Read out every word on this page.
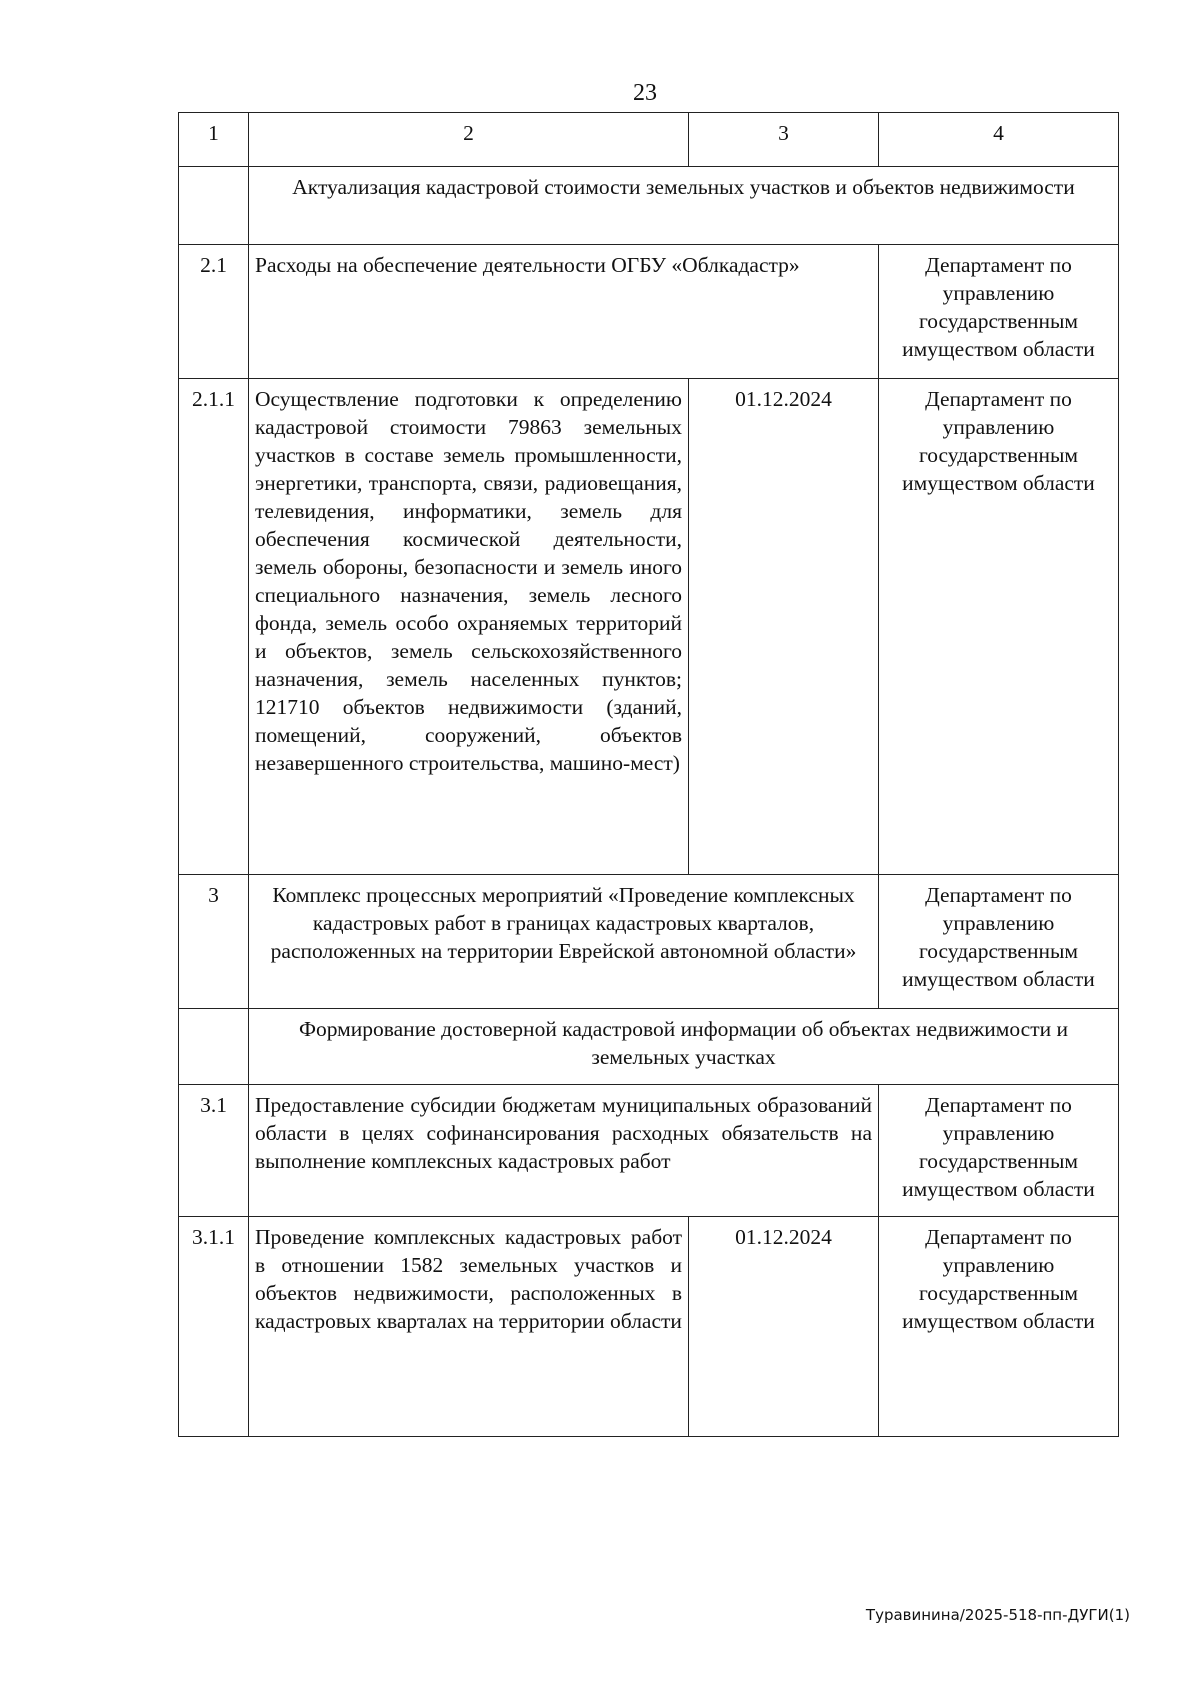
23
1	2	3	4
	Актуализация кадастровой стоимости земельных участков и объектов недвижимости		
2.1	Расходы на обеспечение деятельности ОГБУ «Облкадастр»		Департамент по управлению государственным имуществом области
2.1.1	Осуществление подготовки к определению кадастровой стоимости 79863 земельных участков в составе земель промышленности, энергетики, транспорта, связи, радиовещания, телевидения, информатики, земель для обеспечения космической деятельности, земель обороны, безопасности и земель иного специального назначения, земель лесного фонда, земель особо охраняемых территорий и объектов, земель сельскохозяйственного назначения, земель населенных пунктов; 121710 объектов недвижимости (зданий, помещений, сооружений, объектов незавершенного строительства, машино-мест)	01.12.2024	Департамент по управлению государственным имуществом области
3	Комплекс процессных мероприятий «Проведение комплексных кадастровых работ в границах кадастровых кварталов, расположенных на территории Еврейской автономной области»		Департамент по управлению государственным имуществом области
	Формирование достоверной кадастровой информации об объектах недвижимости и земельных участках		
3.1	Предоставление субсидии бюджетам муниципальных образований области в целях софинансирования расходных обязательств на выполнение комплексных кадастровых работ		Департамент по управлению государственным имуществом области
3.1.1	Проведение комплексных кадастровых работ в отношении 1582 земельных участков и объектов недвижимости, расположенных в кадастровых кварталах на территории области	01.12.2024	Департамент по управлению государственным имуществом области
Туравинина/2025-518-пп-ДУГИ(1)
